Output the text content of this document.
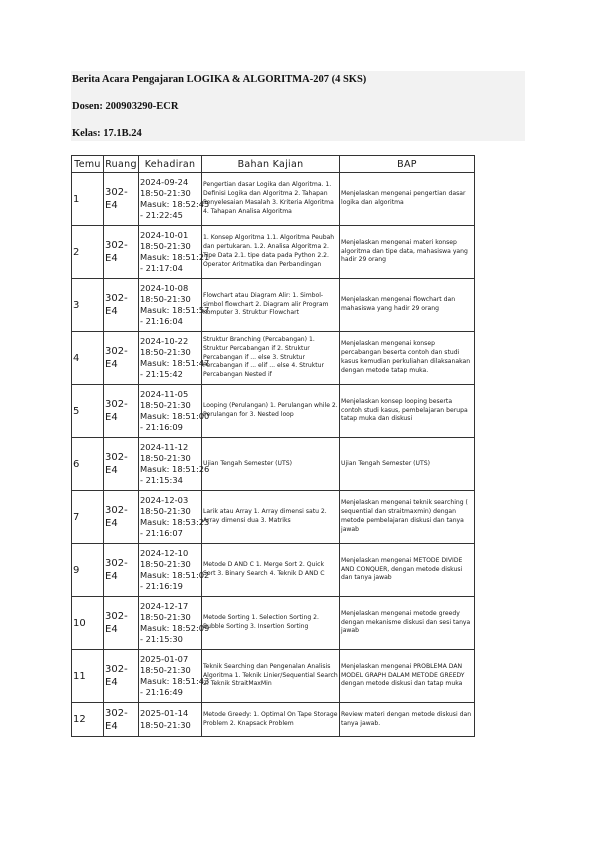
Berita Acara Pengajaran LOGIKA & ALGORITMA-207 (4 SKS)
Dosen: 200903290-ECR
Kelas: 17.1B.24
Temu	Ruang	Kehadiran	Bahan Kajian	BAP
1	302-E4	2024-09-24
18:50-21:30
Masuk: 18:52:45
- 21:22:45	Pengertian dasar Logika dan Algoritma. 1. Definisi Logika dan Algoritma 2. Tahapan Penyelesaian Masalah 3. Kriteria Algoritma 4. Tahapan Analisa Algoritma	Menjelaskan mengenai pengertian dasar logika dan algoritma
2	302-E4	2024-10-01
18:50-21:30
Masuk: 18:51:21
- 21:17:04	1. Konsep Algoritma 1.1. Algoritma Peubah dan pertukaran. 1.2. Analisa Algoritma 2. Tipe Data 2.1. tipe data pada Python 2.2. Operator Aritmatika dan Perbandingan	Menjelaskan mengenai materi konsep algoritma dan tipe data, mahasiswa yang hadir 29 orang
3	302-E4	2024-10-08
18:50-21:30
Masuk: 18:51:57
- 21:16:04	Flowchart atau Diagram Alir: 1. Simbol-simbol flowchart 2. Diagram alir Program Komputer 3. Struktur Flowchart	Menjelaskan mengenai flowchart dan mahasiswa yang hadir 29 orang
4	302-E4	2024-10-22
18:50-21:30
Masuk: 18:51:47
- 21:15:42	Struktur Branching (Percabangan) 1. Struktur Percabangan if 2. Struktur Percabangan if ... else 3. Struktur Percabangan if ... elif ... else 4. Struktur Percabangan Nested if	Menjelaskan mengenai konsep percabangan beserta contoh dan studi kasus kemudian perkuliahan dilaksanakan dengan metode tatap muka.
5	302-E4	2024-11-05
18:50-21:30
Masuk: 18:51:00
- 21:16:09	Looping (Perulangan) 1. Perulangan while 2. Perulangan for 3. Nested loop	Menjelaskan konsep looping beserta contoh studi kasus, pembelajaran berupa tatap muka dan diskusi
6	302-E4	2024-11-12
18:50-21:30
Masuk: 18:51:26
- 21:15:34	Ujian Tengah Semester (UTS)	Ujian Tengah Semester (UTS)
7	302-E4	2024-12-03
18:50-21:30
Masuk: 18:53:23
- 21:16:07	Larik atau Array 1. Array dimensi satu 2. Array dimensi dua 3. Matriks	Menjelaskan mengenai teknik searching ( sequential dan straitmaxmin) dengan metode pembelajaran diskusi dan tanya jawab
9	302-E4	2024-12-10
18:50-21:30
Masuk: 18:51:02
- 21:16:19	Metode D AND C 1. Merge Sort 2. Quick Sort 3. Binary Search 4. Teknik D AND C	Menjelaskan mengenai METODE DIVIDE AND CONQUER, dengan metode diskusi dan tanya jawab
10	302-E4	2024-12-17
18:50-21:30
Masuk: 18:52:09
- 21:15:30	Metode Sorting 1. Selection Sorting 2. Bubble Sorting 3. Insertion Sorting	Menjelaskan mengenai metode greedy dengan mekanisme diskusi dan sesi tanya jawab
11	302-E4	2025-01-07
18:50-21:30
Masuk: 18:51:43
- 21:16:49	Teknik Searching dan Pengenalan Analisis Algoritma 1. Teknik Linier/Sequential Search 2. Teknik StraitMaxMin	Menjelaskan mengenai PROBLEMA DAN MODEL GRAPH DALAM METODE GREEDY dengan metode diskusi dan tatap muka
12	302-E4	2025-01-14
18:50-21:30	Metode Greedy: 1. Optimal On Tape Storage Problem 2. Knapsack Problem	Review materi dengan metode diskusi dan tanya jawab.
